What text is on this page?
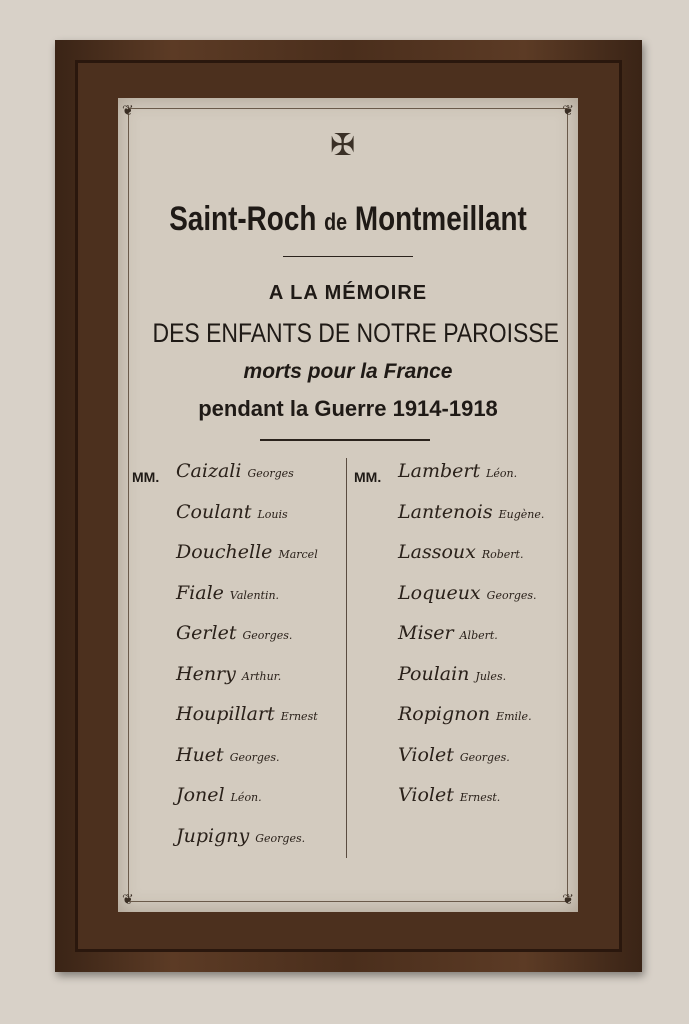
❦	❦
❦	❦
✠
Saint-Roch de Montmeillant
A LA MÉMOIRE
DES ENFANTS DE NOTRE PAROISSE
morts pour la France
pendant la Guerre 1914-1918
MM.	MM.
Caizali Georges
Coulant Louis
Douchelle Marcel
Fiale Valentin.
Gerlet Georges.
Henry Arthur.
Houpillart Ernest
Huet Georges.
Jonel Léon.
Jupigny Georges.
Lambert Léon.
Lantenois Eugène.
Lassoux Robert.
Loqueux Georges.
Miser Albert.
Poulain Jules.
Ropignon Emile.
Violet Georges.
Violet Ernest.
